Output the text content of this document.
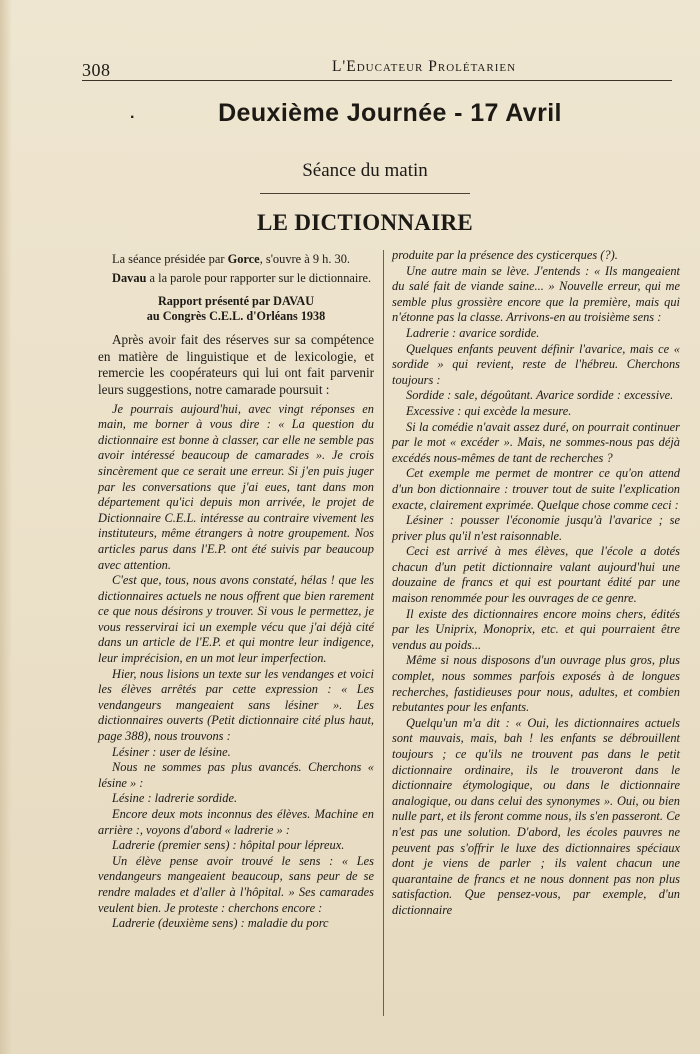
308	L'Educateur Prolétarien
·	Deuxième Journée - 17 Avril
Séance du matin
LE DICTIONNAIRE

La séance présidée par Gorce, s'ouvre à 9 h. 30.

Davau a la parole pour rapporter sur le dictionnaire.

Rapport présenté par DAVAU
au Congrès C.E.L. d'Orléans 1938

Après avoir fait des réserves sur sa compétence en matière de linguistique et de lexicologie, et remercie les coopérateurs qui lui ont fait parvenir leurs suggestions, notre camarade poursuit :

Je pourrais aujourd'hui, avec vingt réponses en main, me borner à vous dire : « La question du dictionnaire est bonne à classer, car elle ne semble pas avoir intéressé beaucoup de camarades ». Je crois sincèrement que ce serait une erreur. Si j'en puis juger par les conversations que j'ai eues, tant dans mon département qu'ici depuis mon arrivée, le projet de Dictionnaire C.E.L. intéresse au contraire vivement les instituteurs, même étrangers à notre groupement. Nos articles parus dans l'E.P. ont été suivis par beaucoup avec attention.

C'est que, tous, nous avons constaté, hélas ! que les dictionnaires actuels ne nous offrent que bien rarement ce que nous désirons y trouver. Si vous le permettez, je vous resservirai ici un exemple vécu que j'ai déjà cité dans un article de l'E.P. et qui montre leur indigence, leur imprécision, en un mot leur imperfection.

Hier, nous lisions un texte sur les vendanges et voici les élèves arrêtés par cette expression : « Les vendangeurs mangeaient sans lésiner ». Les dictionnaires ouverts (Petit dictionnaire cité plus haut, page 388), nous trouvons :

Lésiner : user de lésine.

Nous ne sommes pas plus avancés. Cherchons « lésine » :

Lésine : ladrerie sordide.

Encore deux mots inconnus des élèves. Machine en arrière :, voyons d'abord « ladrerie » :

Ladrerie (premier sens) : hôpital pour lépreux.

Un élève pense avoir trouvé le sens : « Les vendangeurs mangeaient beaucoup, sans peur de se rendre malades et d'aller à l'hôpital. » Ses camarades veulent bien. Je proteste : cherchons encore :

Ladrerie (deuxième sens) : maladie du porc

produite par la présence des cysticerques (?).

Une autre main se lève. J'entends : « Ils mangeaient du salé fait de viande saine... » Nouvelle erreur, qui me semble plus grossière encore que la première, mais qui n'étonne pas la classe. Arrivons-en au troisième sens :

Ladrerie : avarice sordide.

Quelques enfants peuvent définir l'avarice, mais ce « sordide » qui revient, reste de l'hébreu. Cherchons toujours :

Sordide : sale, dégoûtant. Avarice sordide : excessive.

Excessive : qui excède la mesure.

Si la comédie n'avait assez duré, on pourrait continuer par le mot « excéder ». Mais, ne sommes-nous pas déjà excédés nous-mêmes de tant de recherches ?

Cet exemple me permet de montrer ce qu'on attend d'un bon dictionnaire : trouver tout de suite l'explication exacte, clairement exprimée. Quelque chose comme ceci :

Lésiner : pousser l'économie jusqu'à l'avarice ; se priver plus qu'il n'est raisonnable.

Ceci est arrivé à mes élèves, que l'école a dotés chacun d'un petit dictionnaire valant aujourd'hui une douzaine de francs et qui est pourtant édité par une maison renommée pour les ouvrages de ce genre.

Il existe des dictionnaires encore moins chers, édités par les Uniprix, Monoprix, etc. et qui pourraient être vendus au poids...

Même si nous disposons d'un ouvrage plus gros, plus complet, nous sommes parfois exposés à de longues recherches, fastidieuses pour nous, adultes, et combien rebutantes pour les enfants.

Quelqu'un m'a dit : « Oui, les dictionnaires actuels sont mauvais, mais, bah ! les enfants se débrouillent toujours ; ce qu'ils ne trouvent pas dans le petit dictionnaire ordinaire, ils le trouveront dans le dictionnaire étymologique, ou dans le dictionnaire analogique, ou dans celui des synonymes ». Oui, ou bien nulle part, et ils feront comme nous, ils s'en passeront. Ce n'est pas une solution. D'abord, les écoles pauvres ne peuvent pas s'offrir le luxe des dictionnaires spéciaux dont je viens de parler ; ils valent chacun une quarantaine de francs et ne nous donnent pas non plus satisfaction. Que pensez-vous, par exemple, d'un dictionnaire
